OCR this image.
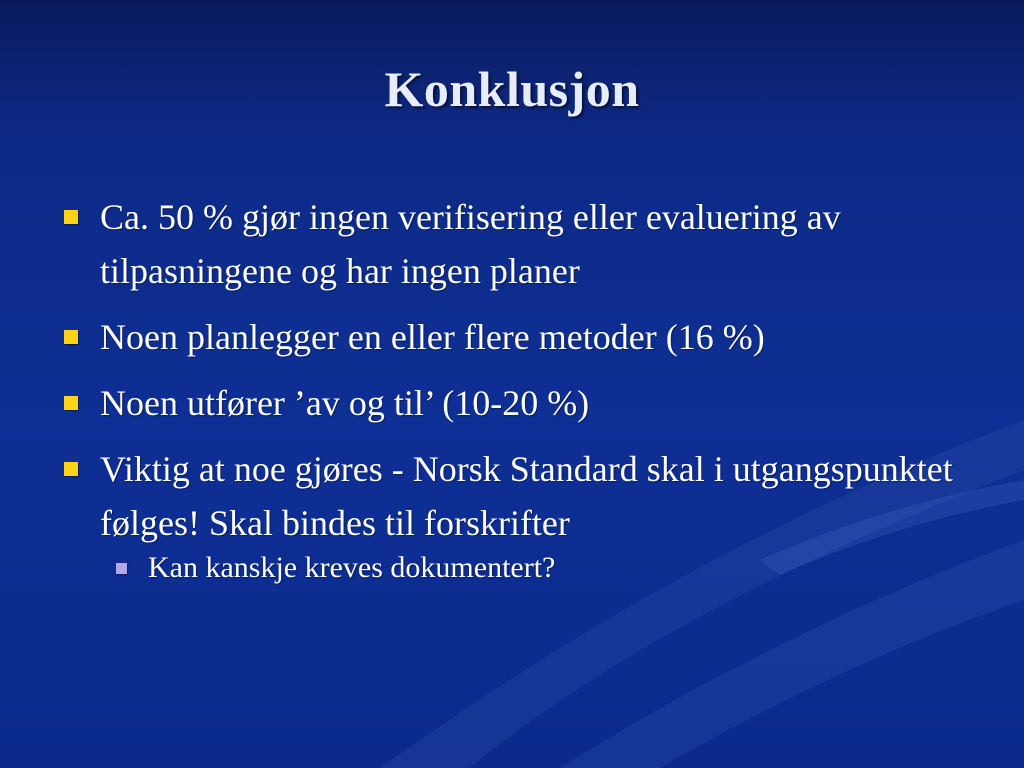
Konklusjon
Ca. 50 % gjør ingen verifisering eller evaluering av tilpasningene og har ingen planer
Noen planlegger en eller flere metoder (16 %)
Noen utfører ’av og til’ (10-20 %)
Viktig at noe gjøres - Norsk Standard skal i utgangspunktet følges! Skal bindes til forskrifter
Kan kanskje kreves dokumentert?
